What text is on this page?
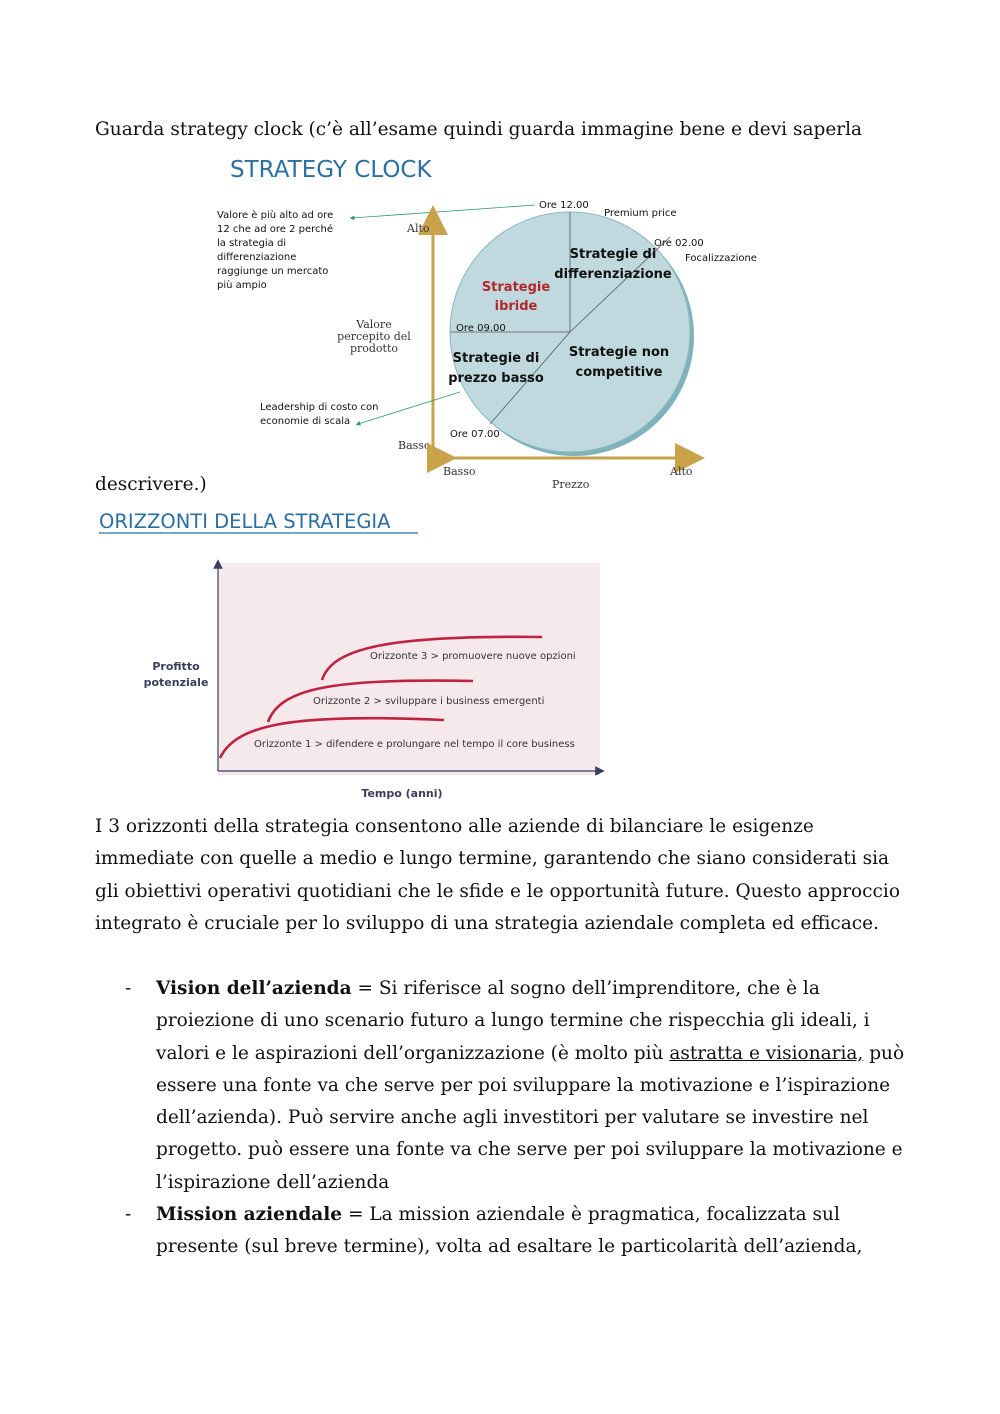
Guarda strategy clock (c’è all’esame quindi guarda immagine bene e devi saperla
STRATEGY CLOCK
Valore è più alto ad ore
12 che ad ore 2 perché
la strategia di
differenziazione
raggiunge un mercato
più ampio
Alto
Basso
Valore
percepito del
prodotto
Basso	Alto
Prezzo
Ore 12.00
Ore 02.00
Ore 09.00
Ore 07.00
Premium price
Focalizzazione
Strategie
ibride
Strategie di
differenziazione
Strategie di
prezzo basso
Strategie non
competitive
Leadership di costo con
economie di scala
descrivere.)
ORIZZONTI DELLA STRATEGIA
Profitto
potenziale
Tempo (anni)
Orizzonte 3 > promuovere nuove opzioni
Orizzonte 2 > sviluppare i business emergenti
Orizzonte 1 > difendere e prolungare nel tempo il core business
I 3 orizzonti della strategia consentono alle aziende di bilanciare le esigenze
immediate con quelle a medio e lungo termine, garantendo che siano considerati sia
gli obiettivi operativi quotidiani che le sfide e le opportunità future. Questo approccio
integrato è cruciale per lo sviluppo di una strategia aziendale completa ed efficace.
- Vision dell’azienda = Si riferisce al sogno dell’imprenditore, che è la
proiezione di uno scenario futuro a lungo termine che rispecchia gli ideali, i
valori e le aspirazioni dell’organizzazione (è molto più astratta e visionaria, può
essere una fonte va che serve per poi sviluppare la motivazione e l’ispirazione
dell’azienda). Può servire anche agli investitori per valutare se investire nel
progetto. può essere una fonte va che serve per poi sviluppare la motivazione e
l’ispirazione dell’azienda
- Mission aziendale = La mission aziendale è pragmatica, focalizzata sul
presente (sul breve termine), volta ad esaltare le particolarità dell’azienda,
